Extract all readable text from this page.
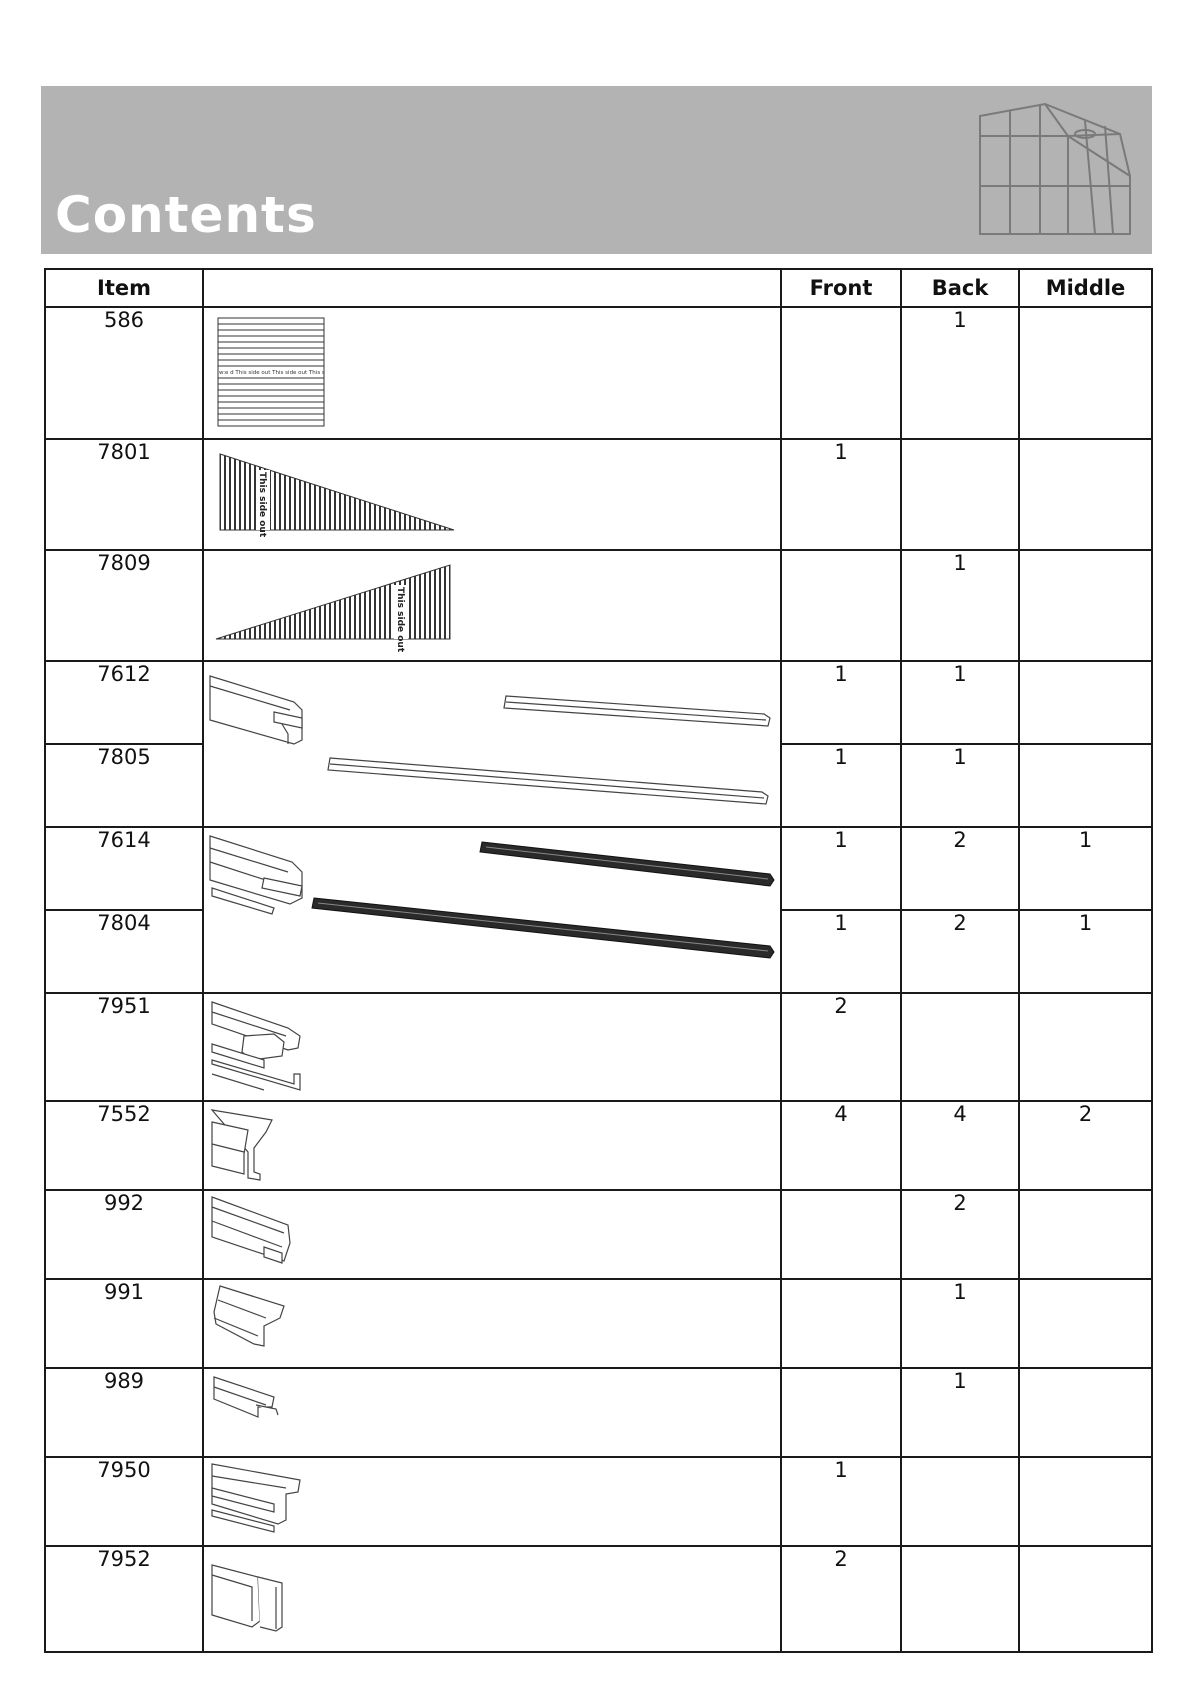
Contents
Item		Front	Back	Middle
586	w:e d This side out This side out This s		1	
7801	This side out	1		
7809	This side out		1	
7612		1	1	
7805		1	1	
7614		1	2	1
7804		1	2	1
7951		2		
7552		4	4	2
992			2	
991			1	
989			1	
7950		1		
7952		2		
